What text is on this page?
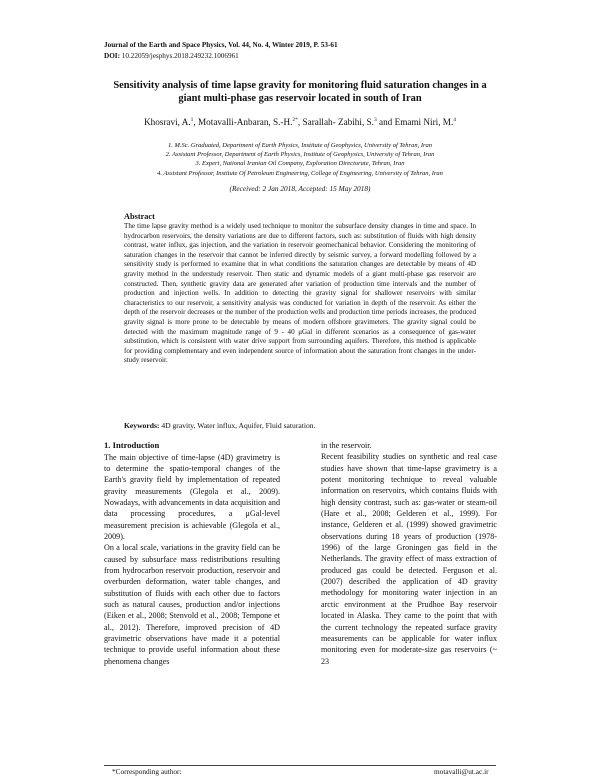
Journal of the Earth and Space Physics, Vol. 44, No. 4, Winter 2019, P. 53-61
DOI: 10.22059/jesphys.2018.249232.1006961
Sensitivity analysis of time lapse gravity for monitoring fluid saturation changes in a giant multi-phase gas reservoir located in south of Iran
Khosravi, A.$^1$, Motavalli-Anbaran, S.-H.$^{2*}$, Sarallah- Zabihi, S.$^3$ and Emami Niri, M.$^4$
1. M.Sc. Graduated, Department of Earth Physics, Institute of Geophysics, University of Tehran, Iran
2. Assistant Professor, Department of Earth Physics, Institute of Geophysics, University of Tehran, Iran
3. Expert, National Iranian Oil Company, Exploration Directorate, Tehran, Iran
4. Assistant Professor, Institute Of Petroleum Engineering, College of Engineering, University of Tehran, Iran
(Received: 2 Jan 2018, Accepted: 15 May 2018)
Abstract
The time lapse gravity method is a widely used technique to monitor the subsurface density changes in time and space. In hydrocarbon reservoirs, the density variations are due to different factors, such as: substitution of fluids with high density contrast, water influx, gas injection, and the variation in reservoir geomechanical behavior. Considering the monitoring of saturation changes in the reservoir that cannot be inferred directly by seismic survey, a forward modelling followed by a sensitivity study is performed to examine that in what conditions the saturation changes are detectable by means of 4D gravity method in the understudy reservoir. Then static and dynamic models of a giant multi-phase gas reservoir are constructed. Then, synthetic gravity data are generated after variation of production time intervals and the number of production and injection wells. In addition to detecting the gravity signal for shallower reservoirs with similar characteristics to our reservoir, a sensitivity analysis was conducted for variation in depth of the reservoir. As either the depth of the reservoir decreases or the number of the production wells and production time periods increases, the produced gravity signal is more prone to be detectable by means of modern offshore gravimeters. The gravity signal could be detected with the maximum magnitude range of 9 - 40 μGal in different scenarios as a consequence of gas-water substitution, which is consistent with water drive support from surrounding aquifers. Therefore, this method is applicable for providing complementary and even independent source of information about the saturation front changes in the under-study reservoir.
Keywords: 4D gravity, Water influx, Aquifer, Fluid saturation.
1. Introduction

The main objective of time-lapse (4D) gravimetry is to determine the spatio-temporal changes of the Earth's gravity field by implementation of repeated gravity measurements (Glegola et al., 2009). Nowadays, with advancements in data acquisition and data processing procedures, a μGal-level measurement precision is achievable (Glegola et al., 2009).

On a local scale, variations in the gravity field can be caused by subsurface mass redistributions resulting from hydrocarbon reservoir production, reservoir and overburden deformation, water table changes, and substitution of fluids with each other due to factors such as natural causes, production and/or injections (Eiken et al., 2008; Stenvold et al., 2008; Tempone et al., 2012). Therefore, improved precision of 4D gravimetric observations have made it a potential technique to provide useful information about these phenomena changes

in the reservoir.

Recent feasibility studies on synthetic and real case studies have shown that time-lapse gravimetry is a potent monitoring technique to reveal valuable information on reservoirs, which contains fluids with high density contrast, such as: gas-water or steam-oil (Hare et al., 2008; Gelderen et al., 1999). For instance, Gelderen et al. (1999) showed gravimetric observations during 18 years of production (1978-1996) of the large Groningen gas field in the Netherlands. The gravity effect of mass extraction of produced gas could be detected. Ferguson et al. (2007) described the application of 4D gravity methodology for monitoring water injection in an arctic environment at the Prudhoe Bay reservoir located in Alaska. They came to the point that with the current technology the repeated surface gravity measurements can be applicable for water influx monitoring even for moderate-size gas reservoirs (~ 23

*Corresponding author:	motavalli@ut.ac.ir
